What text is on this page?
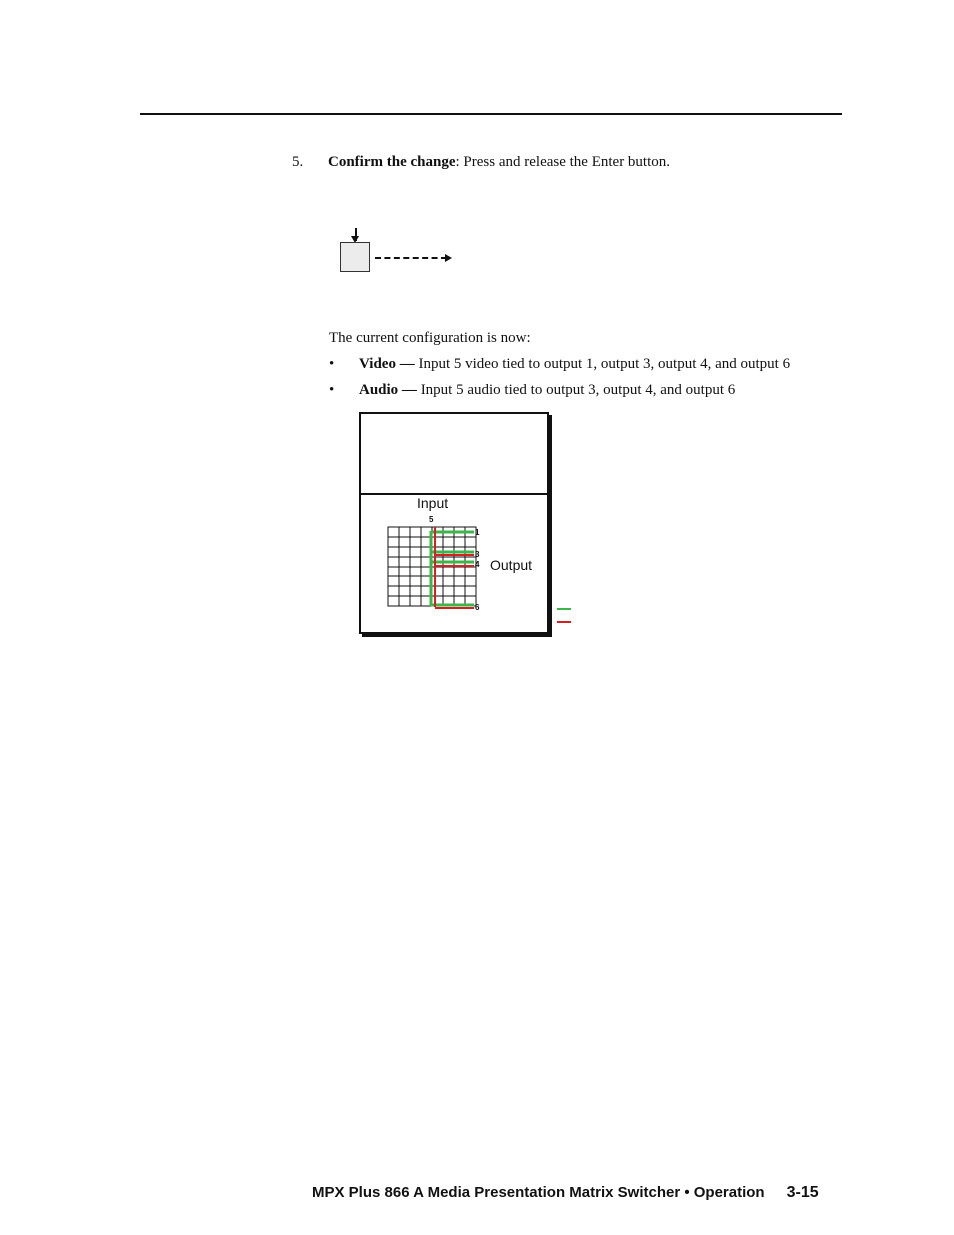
5. Confirm the change: Press and release the Enter button.
The current configuration is now:
• Video — Input 5 video tied to output 1, output 3, output 4, and output 6
• Audio — Input 5 audio tied to output 3, output 4, and output 6
Input
5
Output
1
3
4
6
MPX Plus 866 A Media Presentation Matrix Switcher • Operation 3-15
